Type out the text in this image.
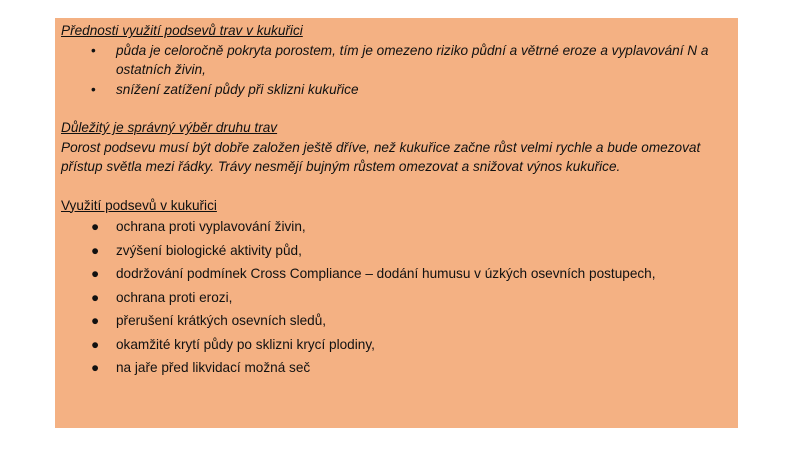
Přednosti využití podsevů trav v kukuřici

• půda je celoročně pokryta porostem, tím je omezeno riziko půdní a větrné eroze a vyplavování N a ostatních živin,
• snížení zatížení půdy při sklizni kukuřice

Důležitý je správný výběr druhu trav

Porost podsevu musí být dobře založen ještě dříve, než kukuřice začne růst velmi rychle a bude omezovat přístup světla mezi řádky. Trávy nesmějí bujným růstem omezovat a snižovat výnos kukuřice.

Využití podsevů v kukuřici

● ochrana proti vyplavování živin,
● zvýšení biologické aktivity půd,
● dodržování podmínek Cross Compliance – dodání humusu v úzkých osevních postupech,
● ochrana proti erozi,
● přerušení krátkých osevních sledů,
● okamžité krytí půdy po sklizni krycí plodiny,
● na jaře před likvidací možná seč
